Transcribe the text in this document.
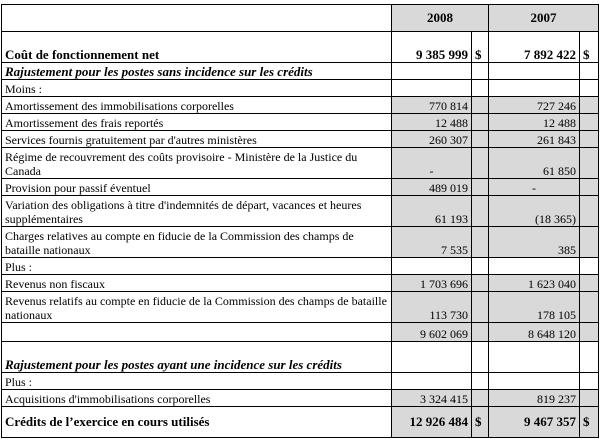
	2008		2007	
Coût de fonctionnement net	9 385 999	$	7 892 422	$
Rajustement pour les postes sans incidence sur les crédits				
Moins :				
Amortissement des immobilisations corporelles	770 814		727 246	
Amortissement des frais reportés	12 488		12 488	
Services fournis gratuitement par d'autres ministères	260 307		261 843	
Régime de recouvrement des coûts provisoire - Ministère de la Justice du Canada	-		61 850	
Provision pour passif éventuel	489 019		-	
Variation des obligations à titre d'indemnités de départ, vacances et heures supplémentaires	61 193		(18 365)	
Charges relatives au compte en fiducie de la Commission des champs de bataille nationaux	7 535		385	
Plus :				
Revenus non fiscaux	1 703 696		1 623 040	
Revenus relatifs au compte en fiducie de la Commission des champs de bataille nationaux	113 730		178 105	
	9 602 069		8 648 120	
Rajustement pour les postes ayant une incidence sur les crédits				
Plus :				
Acquisitions d'immobilisations corporelles	3 324 415		819 237	
Crédits de l’exercice en cours utilisés	12 926 484	$	9 467 357	$
